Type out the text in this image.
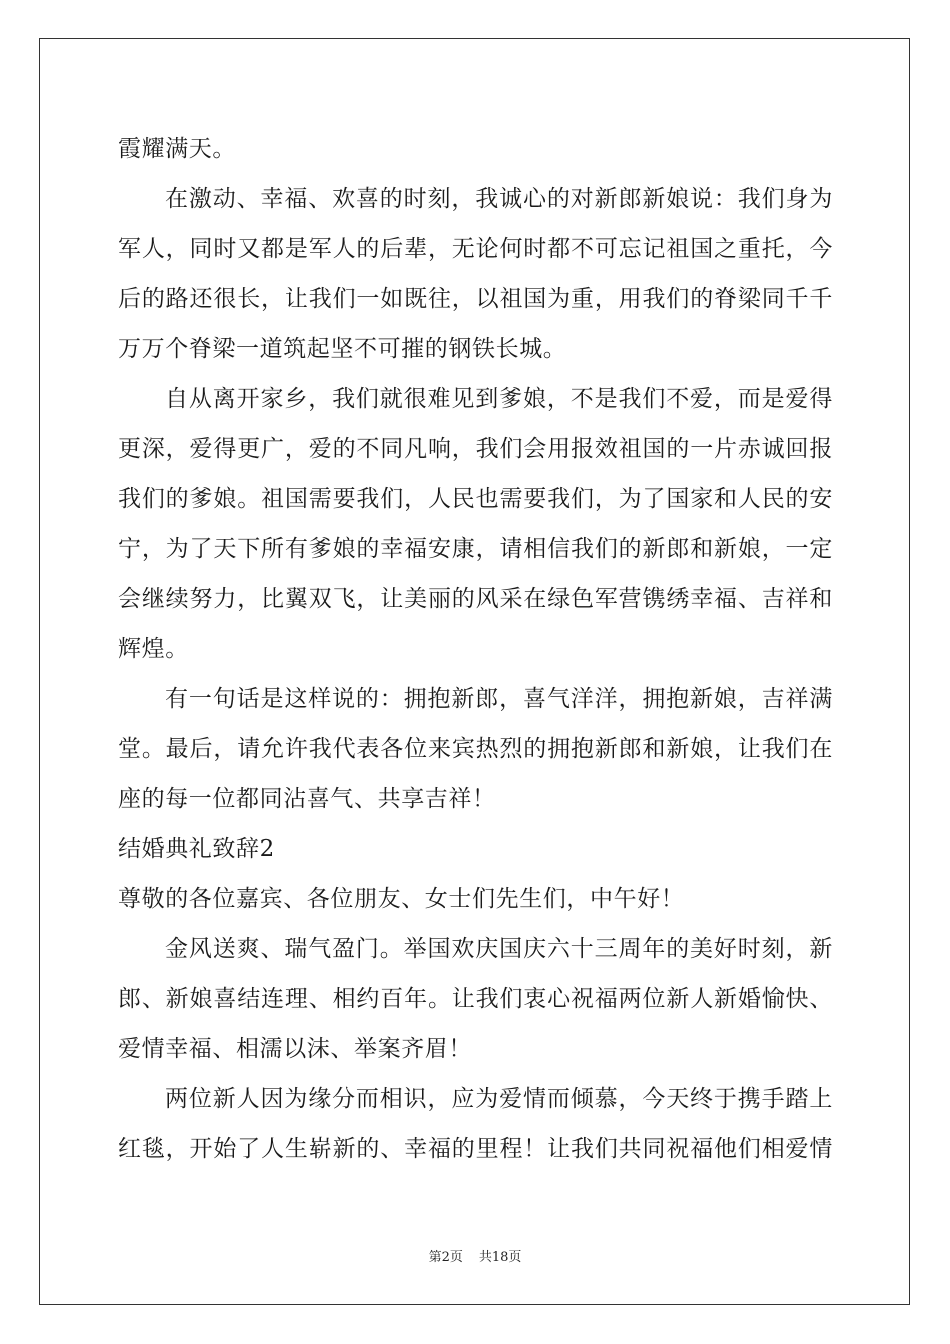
霞耀满天。
在激动、幸福、欢喜的时刻，我诚心的对新郎新娘说：我们身为
军人，同时又都是军人的后辈，无论何时都不可忘记祖国之重托，今
后的路还很长，让我们一如既往，以祖国为重，用我们的脊梁同千千
万万个脊梁一道筑起坚不可摧的钢铁长城。
自从离开家乡，我们就很难见到爹娘，不是我们不爱，而是爱得
更深，爱得更广，爱的不同凡响，我们会用报效祖国的一片赤诚回报
我们的爹娘。祖国需要我们，人民也需要我们，为了国家和人民的安
宁，为了天下所有爹娘的幸福安康，请相信我们的新郎和新娘，一定
会继续努力，比翼双飞，让美丽的风采在绿色军营镌绣幸福、吉祥和
辉煌。
有一句话是这样说的：拥抱新郎，喜气洋洋，拥抱新娘，吉祥满
堂。最后，请允许我代表各位来宾热烈的拥抱新郎和新娘，让我们在
座的每一位都同沾喜气、共享吉祥！
结婚典礼致辞2
尊敬的各位嘉宾、各位朋友、女士们先生们，中午好！
金风送爽、瑞气盈门。举国欢庆国庆六十三周年的美好时刻，新
郎、新娘喜结连理、相约百年。让我们衷心祝福两位新人新婚愉快、
爱情幸福、相濡以沫、举案齐眉！
两位新人因为缘分而相识，应为爱情而倾慕，今天终于携手踏上
红毯，开始了人生崭新的、幸福的里程！让我们共同祝福他们相爱情
第2页 共18页
